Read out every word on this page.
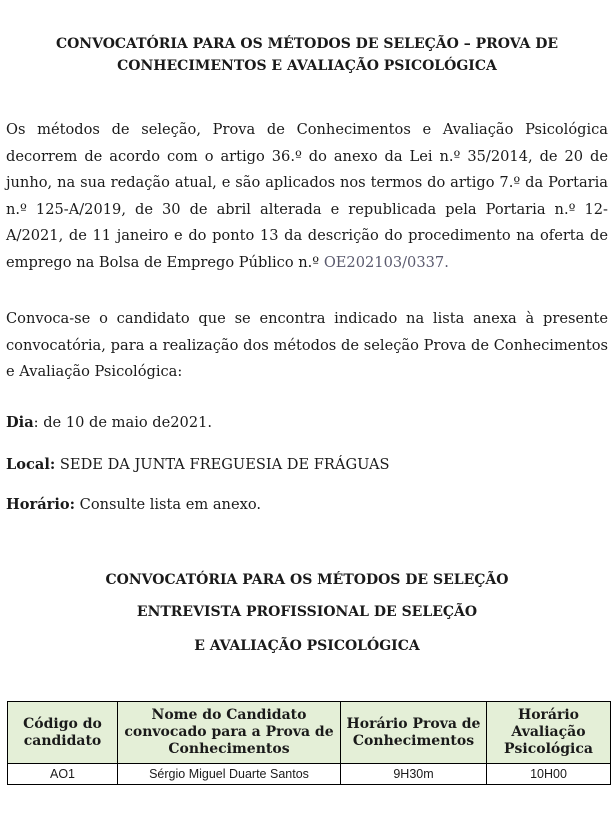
CONVOCATÓRIA PARA OS MÉTODOS DE SELEÇÃO – PROVA DE
CONHECIMENTOS E AVALIAÇÃO PSICOLÓGICA

Os métodos de seleção, Prova de Conhecimentos e Avaliação Psicológica decorrem de acordo com o artigo 36.º do anexo da Lei n.º 35/2014, de 20 de junho, na sua redação atual, e são aplicados nos termos do artigo 7.º da Portaria n.º 125-A/2019, de 30 de abril alterada e republicada pela Portaria n.º 12-A/2021, de 11 janeiro e do ponto 13 da descrição do procedimento na oferta de emprego na Bolsa de Emprego Público n.º OE202103/0337.

Convoca-se o candidato que se encontra indicado na lista anexa à presente convocatória, para a realização dos métodos de seleção Prova de Conhecimentos e Avaliação Psicológica:

Dia: de 10 de maio de2021.
Local: SEDE DA JUNTA FREGUESIA DE FRÁGUAS
Horário: Consulte lista em anexo.
CONVOCATÓRIA PARA OS MÉTODOS DE SELEÇÃO
ENTREVISTA PROFISSIONAL DE SELEÇÃO
E AVALIAÇÃO PSICOLÓGICA
Código do candidato	Nome do Candidato convocado para a Prova de Conhecimentos	Horário Prova de Conhecimentos	Horário Avaliação Psicológica
AO1	Sérgio Miguel Duarte Santos	9H30m	10H00
